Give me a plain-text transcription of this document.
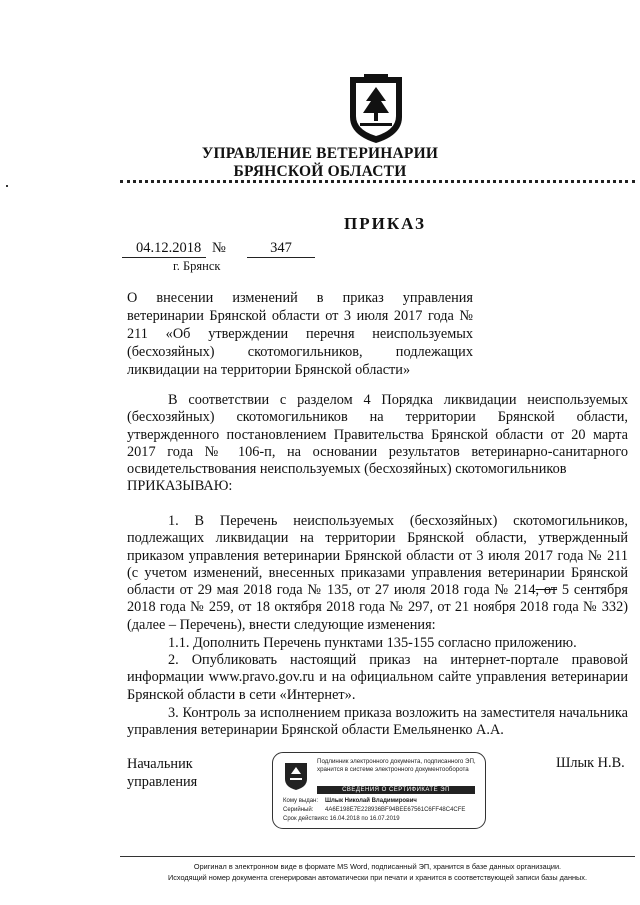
УПРАВЛЕНИЕ ВЕТЕРИНАРИИ
БРЯНСКОЙ ОБЛАСТИ
ПРИКАЗ
04.12.2018 №	347
г. Брянск
О внесении изменений в приказ управления ветеринарии Брянской области от 3 июля 2017 года № 211 «Об утверждении перечня неиспользуемых (бесхозяйных) скотомогильников, подлежащих ликвидации на территории Брянской области»
В соответствии с разделом 4 Порядка ликвидации неиспользуемых (бесхозяйных) скотомогильников на территории Брянской области, утвержденного постановлением Правительства Брянской области от 20 марта 2017 года № 106-п, на основании результатов ветеринарно-санитарного освидетельствования неиспользуемых (бесхозяйных) скотомогильников
ПРИКАЗЫВАЮ:
1. В Перечень неиспользуемых (бесхозяйных) скотомогильников, подлежащих ликвидации на территории Брянской области, утвержденный приказом управления ветеринарии Брянской области от 3 июля 2017 года № 211 (с учетом изменений, внесенных приказами управления ветеринарии Брянской области от 29 мая 2018 года № 135, от 27 июля 2018 года № 214, от 5 сентября 2018 года № 259, от 18 октября 2018 года № 297, от 21 ноября 2018 года № 332) (далее – Перечень), внести следующие изменения:
1.1. Дополнить Перечень пунктами 135-155 согласно приложению.
2. Опубликовать настоящий приказ на интернет-портале правовой информации www.pravo.gov.ru и на официальном сайте управления ветеринарии Брянской области в сети «Интернет».
3. Контроль за исполнением приказа возложить на заместителя начальника управления ветеринарии Брянской области Емельяненко А.А.
Начальник
управления
Шлык Н.В.
Подлинник электронного документа, подписанного ЭП,
хранится в системе электронного документооборота
СВЕДЕНИЯ О СЕРТИФИКАТЕ ЭП
Кому выдан: Шлык Николай Владимирович
Серийный: 4A6E198E7E228936BF94BEE67561C6FF48C4CFE
Срок действия:с 16.04.2018 по 16.07.2019
Оригинал в электронном виде в формате MS Word, подписанный ЭП, хранится в базе данных организации.
Исходящий номер документа сгенерирован автоматически при печати и хранится в соответствующей записи базы данных.
